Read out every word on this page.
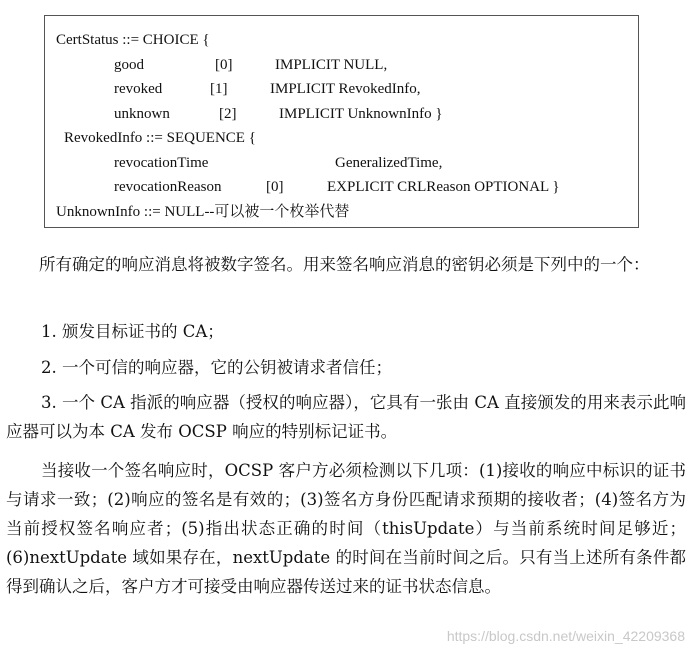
CertStatus ::= CHOICE {
good	[0]	IMPLICIT NULL,
revoked	[1]	IMPLICIT RevokedInfo,
unknown	[2]	IMPLICIT UnknownInfo }
RevokedInfo ::= SEQUENCE {
revocationTime	GeneralizedTime,
revocationReason	[0]	EXPLICIT CRLReason OPTIONAL }
UnknownInfo ::= NULL--可以被一个枚举代替

所有确定的响应消息将被数字签名。用来签名响应消息的密钥必须是下列中的一个：

1. 颁发目标证书的 CA；

2. 一个可信的响应器，它的公钥被请求者信任；

3. 一个 CA 指派的响应器（授权的响应器），它具有一张由 CA 直接颁发的用来表示此响应器可以为本 CA 发布 OCSP 响应的特别标记证书。

当接收一个签名响应时，OCSP 客户方必须检测以下几项：(1)接收的响应中标识的证书与请求一致；(2)响应的签名是有效的；(3)签名方身份匹配请求预期的接收者；(4)签名方为当前授权签名响应者；(5)指出状态正确的时间（thisUpdate）与当前系统时间足够近；(6)nextUpdate 域如果存在，nextUpdate 的时间在当前时间之后。只有当上述所有条件都得到确认之后，客户方才可接受由响应器传送过来的证书状态信息。

https://blog.csdn.net/weixin_42209368
